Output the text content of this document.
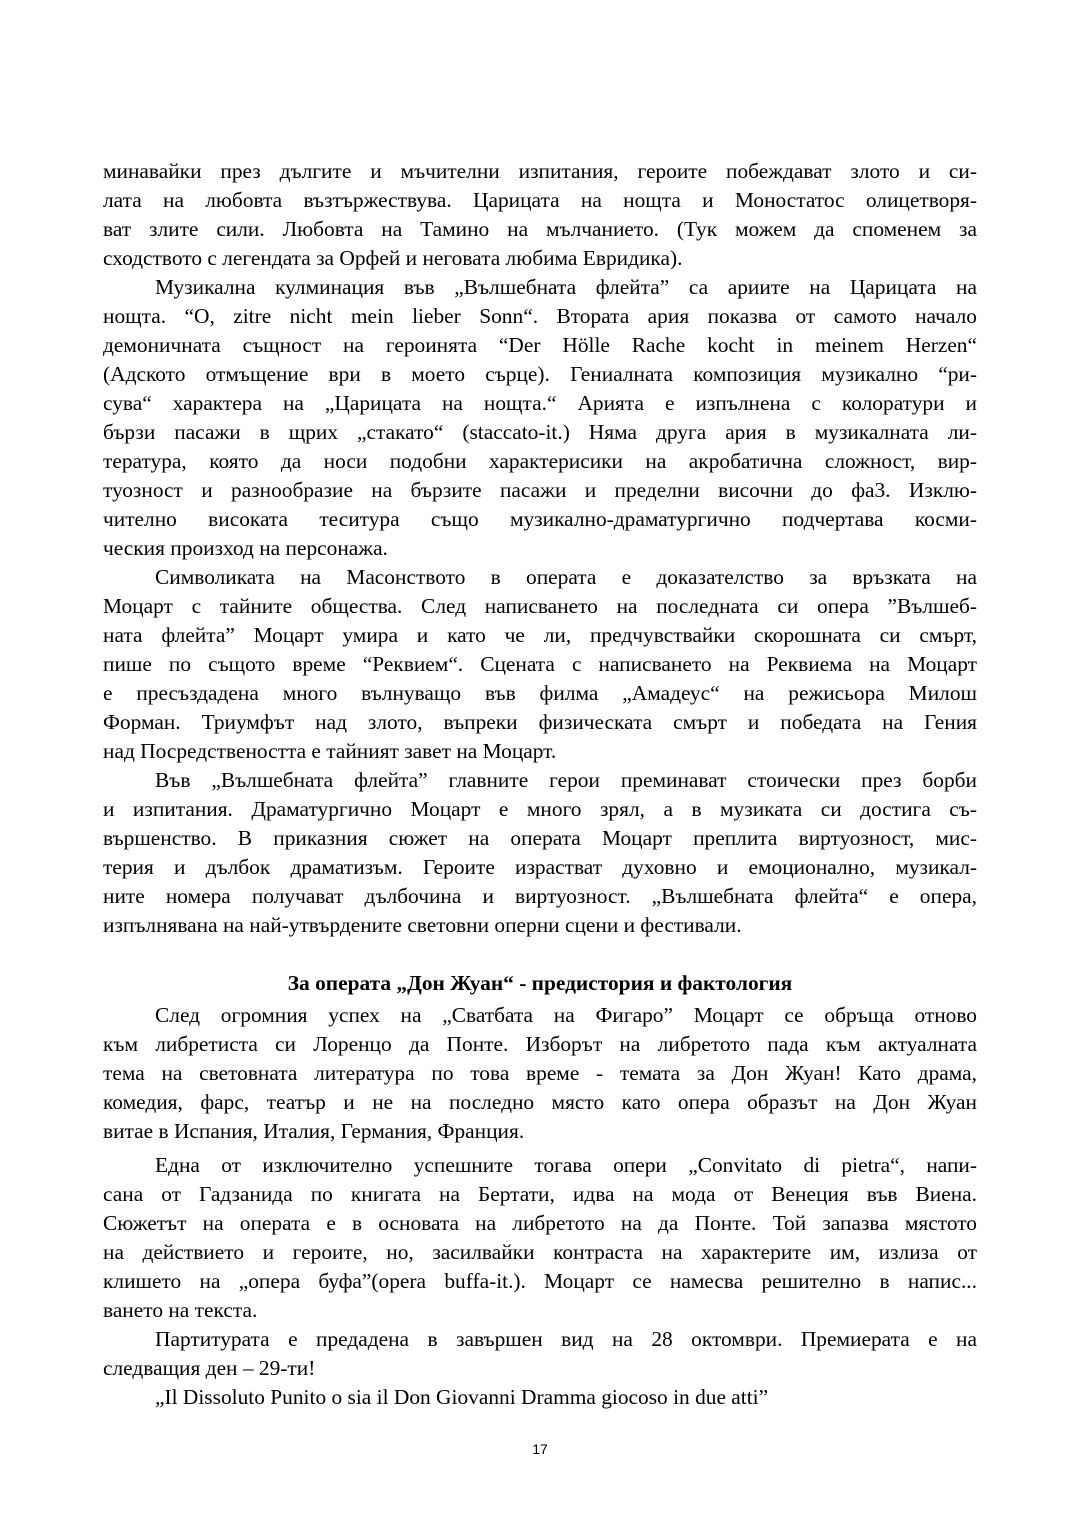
минавайки през дългите и мъчителни изпитания, героите побеждават злото и си-
лата на любовта възтържествува. Царицата на нощта и Моностатос олицетворя-
ват злите сили. Любовта на Тамино на мълчанието. (Тук можем да споменем за
сходството с легендата за Орфей и неговата любима Евридика).
Музикална кулминация във „Вълшебната флейта” са ариите на Царицата на
нощта. “O, zitre nicht mein lieber Sonn“. Втората ария показва от самото начало
демоничната същност на героинята “Der Hölle Rache kocht in meinem Herzen“
(Адското отмъщение ври в моето сърце). Гениалната композиция музикално “ри-
сува“ характера на „Царицата на нощта.“ Арията е изпълнена с колоратури и
бързи пасажи в щрих „стакато“ (staccato-it.) Няма друга ария в музикалната ли-
тература, която да носи подобни характерисики на акробатична сложност, вир-
туозност и разнообразие на бързите пасажи и пределни височни до фа3. Изклю-
чително високата теситура също музикално-драматургично подчертава косми-
ческия произход на персонажа.
Символиката на Масонството в операта е доказателство за връзката на
Моцарт с тайните общества. След написването на последната си опера ”Вълшеб-
ната флейта” Моцарт умира и като че ли, предчувствайки скорошната си смърт,
пише по същото време “Реквием“. Сцената с написването на Реквиема на Моцарт
е пресъздадена много вълнуващо във филма „Амадеус“ на режисьора Милош
Форман. Триумфът над злото, въпреки физическата смърт и победата на Гения
над Посредствеността е тайният завет на Моцарт.
Във „Вълшебната флейта” главните герои преминават стоически през борби
и изпитания. Драматургично Моцарт е много зрял, а в музиката си достига съ-
вършенство. В приказния сюжет на операта Моцарт преплита виртуозност, мис-
терия и дълбок драматизъм. Героите израстват духовно и емоционално, музикал-
ните номера получават дълбочина и виртуозност. „Вълшебната флейта“ е опера,
изпълнявана на най-утвърдените световни оперни сцени и фестивали.
За операта „Дон Жуан“ - предистория и фактология
След огромния успех на „Сватбата на Фигаро” Моцарт се обръща отново
към либретиста си Лоренцо да Понте. Изборът на либретото пада към актуалната
тема на световната литература по това време - темата за Дон Жуан! Като драма,
комедия, фарс, театър и не на последно място като опера образът на Дон Жуан
витае в Испания, Италия, Германия, Франция.
Една от изключително успешните тогава опери „Convitato di pietra“, напи-
сана от Гадзанида по книгата на Бертати, идва на мода от Венеция във Виена.
Сюжетът на операта е в основата на либретото на да Понте. Той запазва мястото
на действието и героите, но, засилвайки контраста на характерите им, излиза от
клишето на „опера буфа”(opera buffa-it.). Моцарт се намесва решително в напис...
ването на текста.
Партитурата е предадена в завършен вид на 28 октомври. Премиерата е на
следващия ден – 29-ти!
„Il Dissoluto Punito o sia il Don Giovanni Dramma giocoso in due atti”
17
